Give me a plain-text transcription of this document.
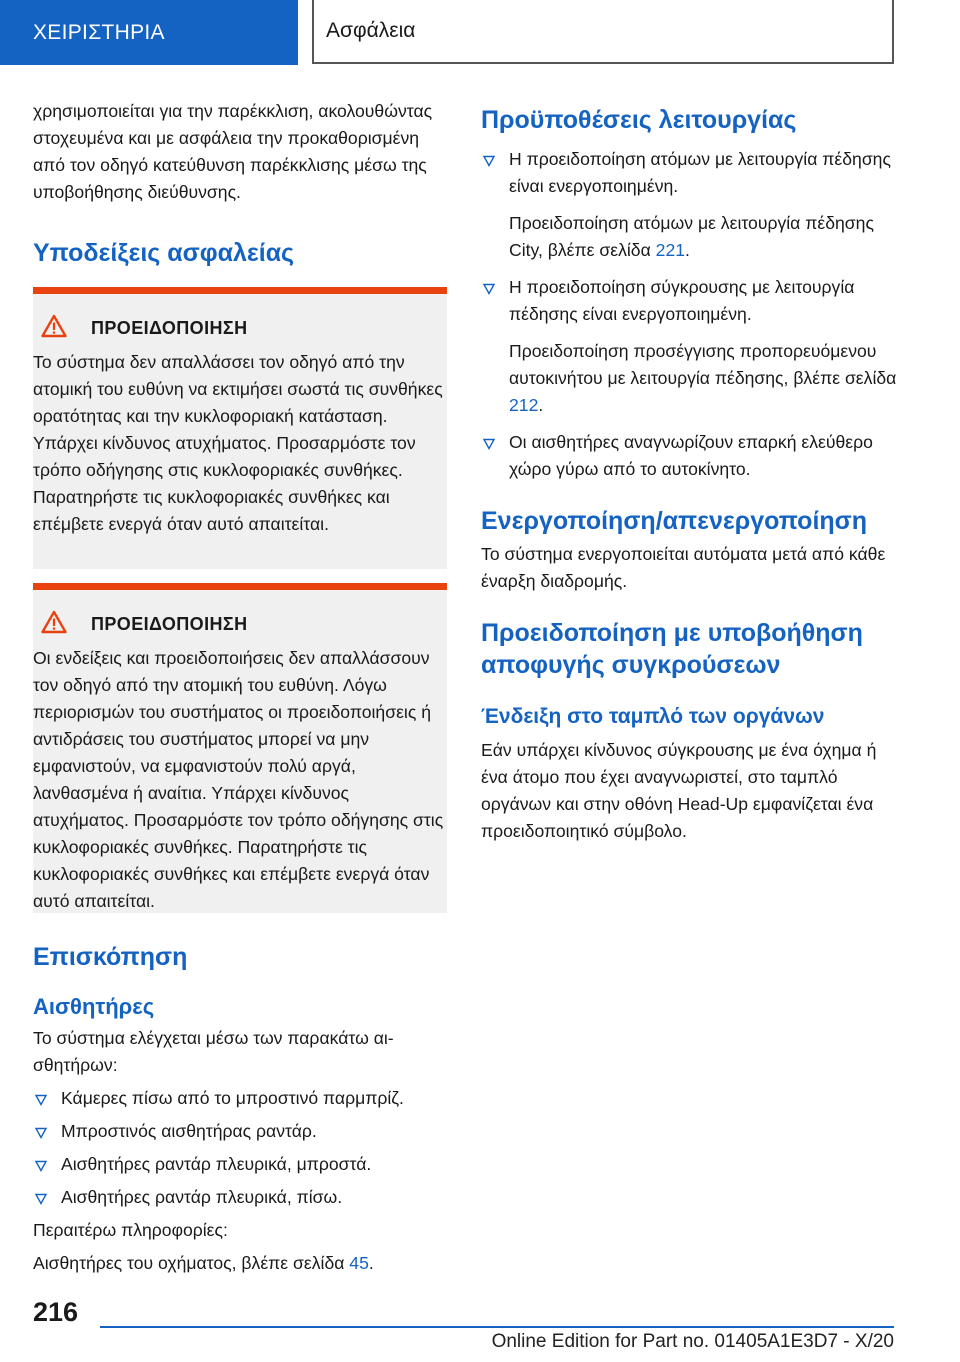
ΧΕΙΡΙΣΤΗΡΙΑ	Ασφάλεια

χρησιμοποιείται για την παρέκκλιση, ακολουθώντας στοχευμένα και με ασφάλεια την προκαθορισμένη από τον οδηγό κατεύθυνση παρέκκλισης μέσω της υποβοήθησης διεύθυνσης.

Υποδείξεις ασφαλείας
ΠΡΟΕΙΔΟΠΟΙΗΣΗ

Το σύστημα δεν απαλλάσσει τον οδηγό από την ατομική του ευθύνη να εκτιμήσει σωστά τις συνθήκες ορατότητας και την κυκλοφοριακή κατάσταση. Υπάρχει κίνδυνος ατυχήματος. Προσαρμόστε τον τρόπο οδήγησης στις κυκλοφοριακές συνθήκες. Παρατηρήστε τις κυκλοφοριακές συνθήκες και επέμβετε ενεργά όταν αυτό απαιτείται.

ΠΡΟΕΙΔΟΠΟΙΗΣΗ

Οι ενδείξεις και προειδοποιήσεις δεν απαλλάσσουν τον οδηγό από την ατομική του ευθύνη. Λόγω περιορισμών του συστήματος οι προειδοποιήσεις ή αντιδράσεις του συστήματος μπορεί να μην εμφανιστούν, να εμφανιστούν πολύ αργά, λανθασμένα ή αναίτια. Υπάρχει κίνδυνος ατυχήματος. Προσαρμόστε τον τρόπο οδήγησης στις κυκλοφοριακές συνθήκες. Παρατηρήστε τις κυκλοφοριακές συνθήκες και επέμβετε ενεργά όταν αυτό απαιτείται.

Επισκόπηση
Αισθητήρες

Το σύστημα ελέγχεται μέσω των παρακάτω αισθητήρων:

Κάμερες πίσω από το μπροστινό παρμπρίζ.
Μπροστινός αισθητήρας ραντάρ.
Αισθητήρες ραντάρ πλευρικά, μπροστά.
Αισθητήρες ραντάρ πλευρικά, πίσω.

Περαιτέρω πληροφορίες:

Αισθητήρες του οχήματος, βλέπε σελίδα 45.

Προϋποθέσεις λειτουργίας
Η προειδοποίηση ατόμων με λειτουργία πέδησης είναι ενεργοποιημένη.
Προειδοποίηση ατόμων με λειτουργία πέδησης City, βλέπε σελίδα 221.
Η προειδοποίηση σύγκρουσης με λειτουργία πέδησης είναι ενεργοποιημένη.
Προειδοποίηση προσέγγισης προπορευόμενου αυτοκινήτου με λειτουργία πέδησης, βλέπε σελίδα 212.
Οι αισθητήρες αναγνωρίζουν επαρκή ελεύθερο χώρο γύρω από το αυτοκίνητο.
Ενεργοποίηση/απενεργοποίηση

Το σύστημα ενεργοποιείται αυτόματα μετά από κάθε έναρξη διαδρομής.

Προειδοποίηση με υποβοήθηση αποφυγής συγκρούσεων
Ένδειξη στο ταμπλό των οργάνων

Εάν υπάρχει κίνδυνος σύγκρουσης με ένα όχημα ή ένα άτομο που έχει αναγνωριστεί, στο ταμπλό οργάνων και στην οθόνη Head-Up εμφανίζεται ένα προειδοποιητικό σύμβολο.

216
Online Edition for Part no. 01405A1E3D7 - X/20
